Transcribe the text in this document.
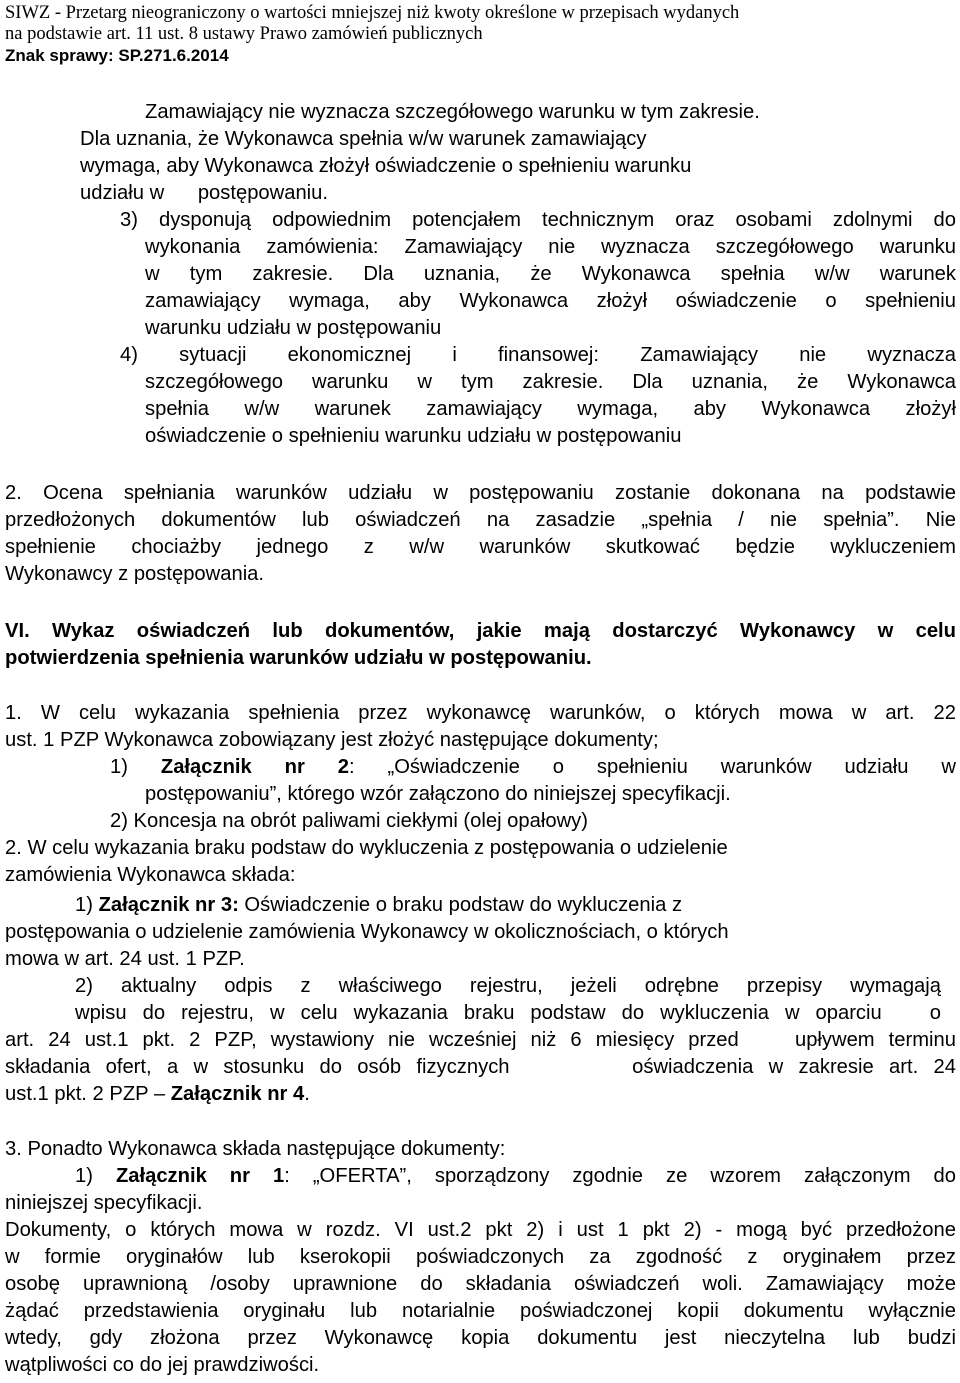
SIWZ - Przetarg nieograniczony o wartości mniejszej niż kwoty określone w przepisach wydanych
na podstawie art. 11 ust. 8 ustawy Prawo zamówień publicznych
Znak sprawy: SP.271.6.2014
Zamawiający nie wyznacza szczegółowego warunku w tym zakresie.
Dla uznania, że Wykonawca spełnia w/w warunek zamawiający
wymaga, aby Wykonawca złożył oświadczenie o spełnieniu warunku
udziału w      postępowaniu.
3) dysponują odpowiednim potencjałem technicznym oraz osobami zdolnymi do
wykonania zamówienia: Zamawiający nie wyznacza szczegółowego warunku
w tym zakresie. Dla uznania, że Wykonawca spełnia w/w warunek
zamawiający wymaga, aby Wykonawca złożył oświadczenie o spełnieniu
warunku udziału w postępowaniu
4) sytuacji ekonomicznej i finansowej: Zamawiający nie wyznacza
szczegółowego warunku w tym zakresie. Dla uznania, że Wykonawca
spełnia w/w warunek zamawiający wymaga, aby Wykonawca złożył
oświadczenie o spełnieniu warunku udziału w postępowaniu
2. Ocena spełniania warunków udziału w postępowaniu zostanie dokonana na podstawie
przedłożonych dokumentów lub oświadczeń na zasadzie „spełnia / nie spełnia”. Nie
spełnienie chociażby jednego z w/w warunków skutkować będzie wykluczeniem
Wykonawcy z postępowania.
VI. Wykaz oświadczeń lub dokumentów, jakie mają dostarczyć Wykonawcy w celu
potwierdzenia spełnienia warunków udziału w postępowaniu.
1. W celu wykazania spełnienia przez wykonawcę warunków, o których mowa w art. 22
ust. 1 PZP Wykonawca zobowiązany jest złożyć następujące dokumenty;
1) Załącznik nr 2: „Oświadczenie o spełnieniu warunków udziału w
postępowaniu”, którego wzór załączono do niniejszej specyfikacji.
2) Koncesja na obrót paliwami ciekłymi (olej opałowy)
2. W celu wykazania braku podstaw do wykluczenia z postępowania o udzielenie
zamówienia Wykonawca składa:
1) Załącznik nr 3: Oświadczenie o braku podstaw do wykluczenia z
postępowania o udzielenie zamówienia Wykonawcy w okolicznościach, o których
mowa w art. 24 ust. 1 PZP.
2) aktualny odpis z właściwego rejestru, jeżeli odrębne przepisy wymagają
wpisu do rejestru, w celu wykazania braku podstaw do wykluczenia w oparciu   o
art. 24 ust.1 pkt. 2 PZP, wystawiony nie wcześniej niż 6 miesięcy przed    upływem terminu
składania ofert, a w stosunku do osób fizycznych        oświadczenia w zakresie art. 24
ust.1 pkt. 2 PZP – Załącznik nr 4.
3. Ponadto Wykonawca składa następujące dokumenty:
1) Załącznik nr 1: „OFERTA”, sporządzony zgodnie ze wzorem załączonym do
niniejszej specyfikacji.
Dokumenty, o których mowa w rozdz. VI ust.2 pkt 2) i ust 1 pkt 2) - mogą być przedłożone
w formie oryginałów lub kserokopii poświadczonych za zgodność z oryginałem przez
osobę uprawnioną /osoby uprawnione do składania oświadczeń woli. Zamawiający może
żądać przedstawienia oryginału lub notarialnie poświadczonej kopii dokumentu wyłącznie
wtedy, gdy złożona przez Wykonawcę kopia dokumentu jest nieczytelna lub budzi
wątpliwości co do jej prawdziwości.
